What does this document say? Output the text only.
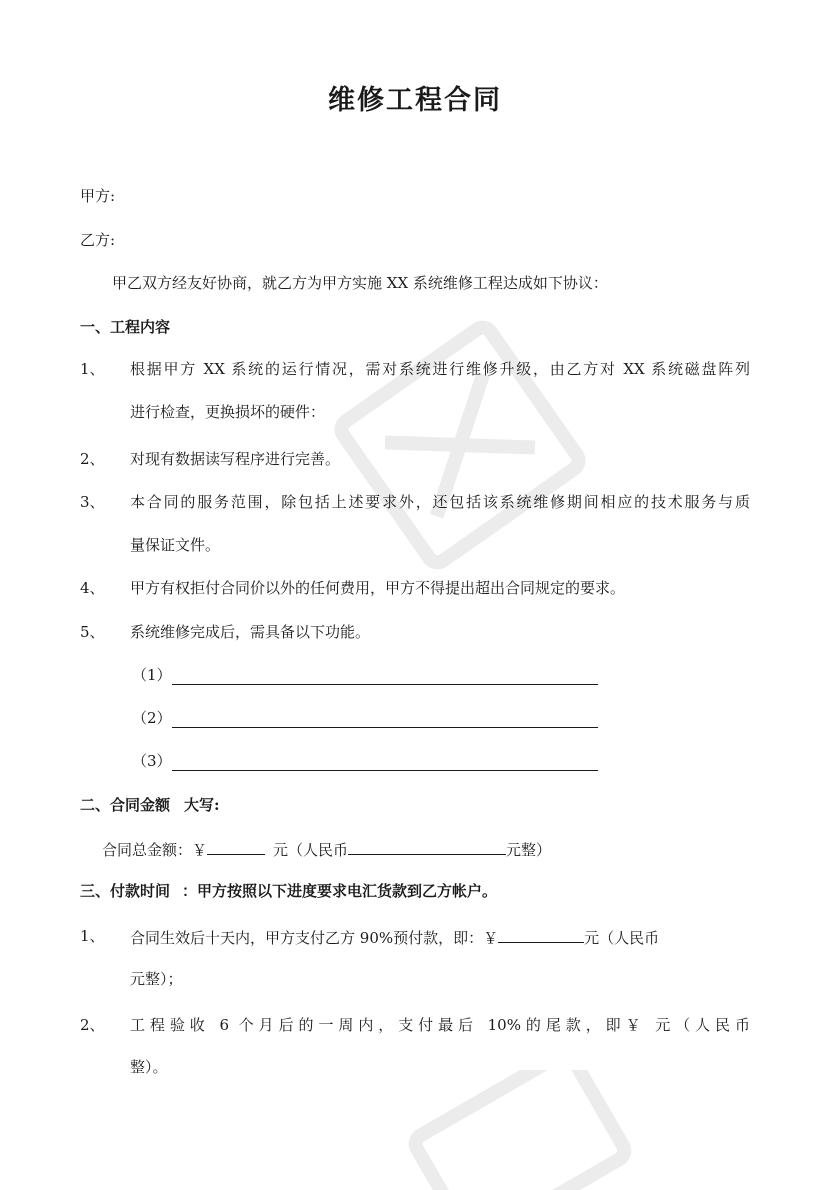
维修工程合同
甲方:
乙方:
甲乙双方经友好协商，就乙方为甲方实施 XX 系统维修工程达成如下协议：
一、工程内容
1、 根据甲方 XX 系统的运行情况，需对系统进行维修升级，由乙方对 XX 系统磁盘阵列
进行检查，更换损坏的硬件：
2、 对现有数据读写程序进行完善。
3、 本合同的服务范围，除包括上述要求外，还包括该系统维修期间相应的技术服务与质
量保证文件。
4、 甲方有权拒付合同价以外的任何费用，甲方不得提出超出合同规定的要求。
5、 系统维修完成后，需具备以下功能。
（1）
（2）
（3）
二、合同金额 大写:
合同总金额：￥	元（人民币	元整）
三、付款时间 ：甲方按照以下进度要求电汇货款到乙方帐户。
1、 合同生效后十天内，甲方支付乙方 90%预付款，即：￥	元（人民币
元整）；
2、 工程验收 6 个月后的一周内，支付最后 10%的尾款，即￥ 元（人民币
整）。
